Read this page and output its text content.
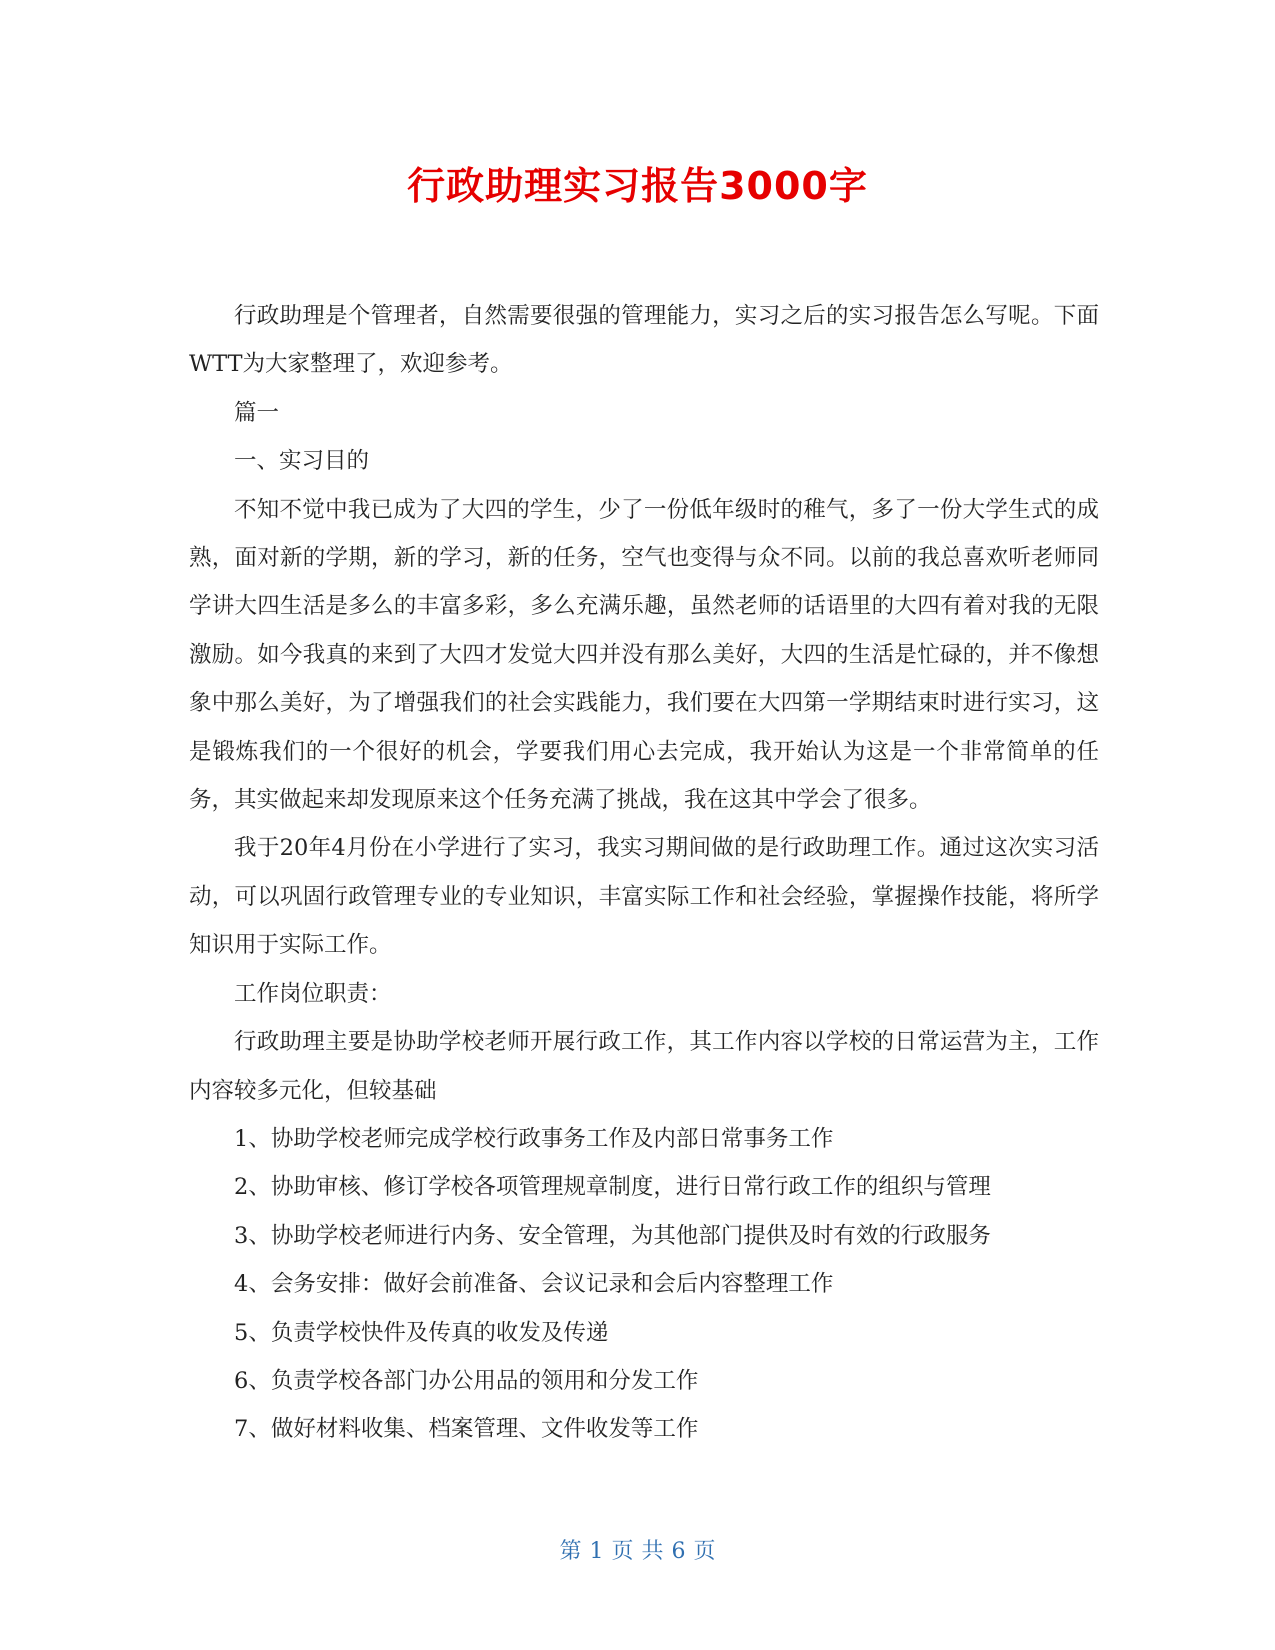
行政助理实习报告3000字

行政助理是个管理者，自然需要很强的管理能力，实习之后的实习报告怎么写呢。下面WTT为大家整理了，欢迎参考。

篇一

一、实习目的

不知不觉中我已成为了大四的学生，少了一份低年级时的稚气，多了一份大学生式的成熟，面对新的学期，新的学习，新的任务，空气也变得与众不同。以前的我总喜欢听老师同学讲大四生活是多么的丰富多彩，多么充满乐趣，虽然老师的话语里的大四有着对我的无限激励。如今我真的来到了大四才发觉大四并没有那么美好，大四的生活是忙碌的，并不像想象中那么美好，为了增强我们的社会实践能力，我们要在大四第一学期结束时进行实习，这是锻炼我们的一个很好的机会，学要我们用心去完成，我开始认为这是一个非常简单的任务，其实做起来却发现原来这个任务充满了挑战，我在这其中学会了很多。

我于20年4月份在小学进行了实习，我实习期间做的是行政助理工作。通过这次实习活动，可以巩固行政管理专业的专业知识，丰富实际工作和社会经验，掌握操作技能，将所学知识用于实际工作。

工作岗位职责：

行政助理主要是协助学校老师开展行政工作，其工作内容以学校的日常运营为主，工作内容较多元化，但较基础

1、协助学校老师完成学校行政事务工作及内部日常事务工作

2、协助审核、修订学校各项管理规章制度，进行日常行政工作的组织与管理

3、协助学校老师进行内务、安全管理，为其他部门提供及时有效的行政服务

4、会务安排：做好会前准备、会议记录和会后内容整理工作

5、负责学校快件及传真的收发及传递

6、负责学校各部门办公用品的领用和分发工作

7、做好材料收集、档案管理、文件收发等工作

第 1 页 共 6 页
